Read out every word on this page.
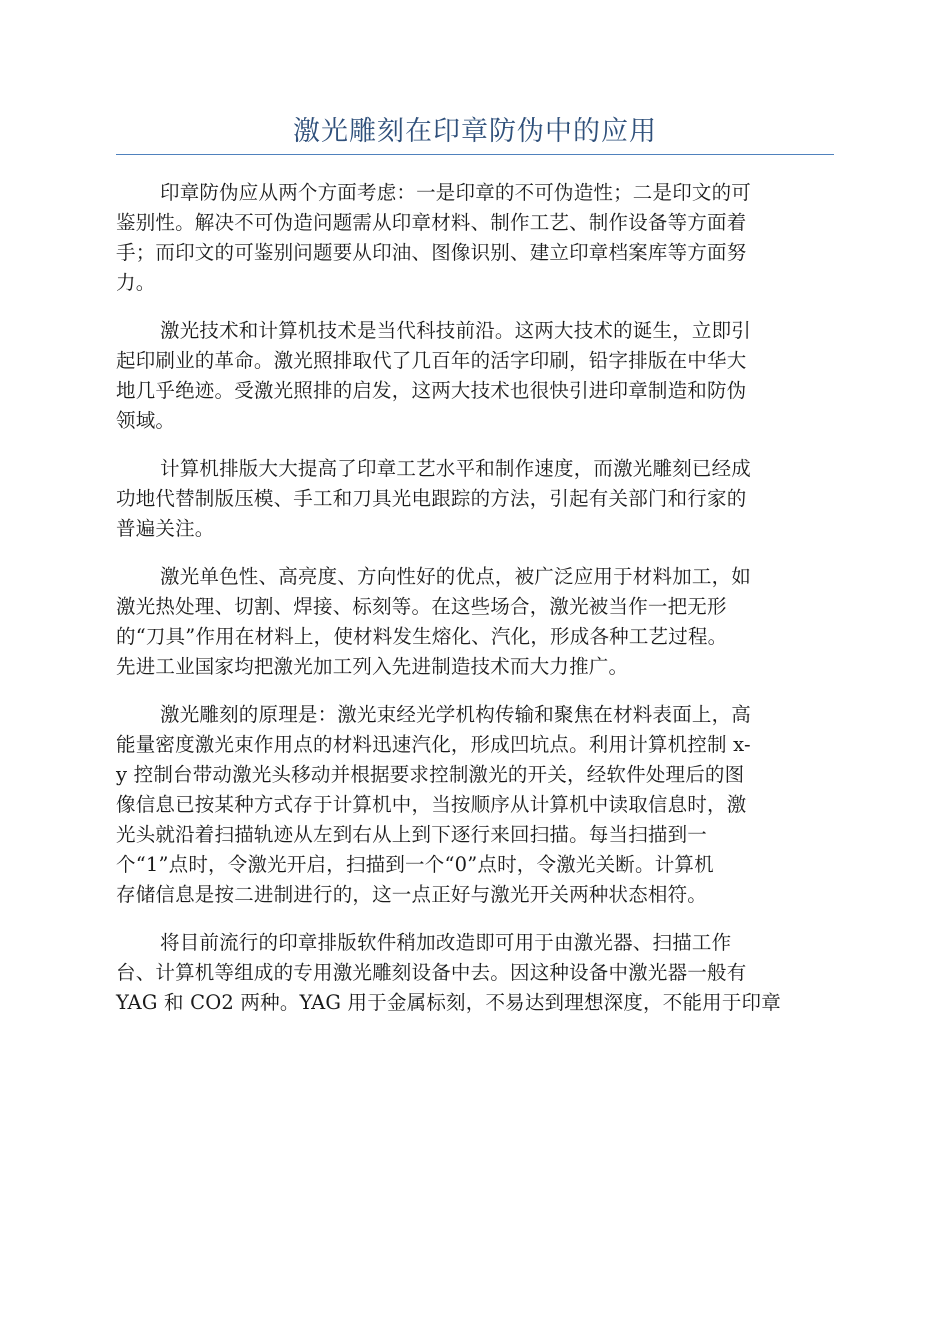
激光雕刻在印章防伪中的应用
印章防伪应从两个方面考虑：一是印章的不可伪造性；二是印文的可
鉴别性。解决不可伪造问题需从印章材料、制作工艺、制作设备等方面着
手；而印文的可鉴别问题要从印油、图像识别、建立印章档案库等方面努
力。
激光技术和计算机技术是当代科技前沿。这两大技术的诞生，立即引
起印刷业的革命。激光照排取代了几百年的活字印刷，铅字排版在中华大
地几乎绝迹。受激光照排的启发，这两大技术也很快引进印章制造和防伪
领域。
计算机排版大大提高了印章工艺水平和制作速度，而激光雕刻已经成
功地代替制版压模、手工和刀具光电跟踪的方法，引起有关部门和行家的
普遍关注。
激光单色性、高亮度、方向性好的优点，被广泛应用于材料加工，如
激光热处理、切割、焊接、标刻等。在这些场合，激光被当作一把无形
的“刀具”作用在材料上，使材料发生熔化、汽化，形成各种工艺过程。
先进工业国家均把激光加工列入先进制造技术而大力推广。
激光雕刻的原理是：激光束经光学机构传输和聚焦在材料表面上，高
能量密度激光束作用点的材料迅速汽化，形成凹坑点。利用计算机控制 x-
y 控制台带动激光头移动并根据要求控制激光的开关，经软件处理后的图
像信息已按某种方式存于计算机中，当按顺序从计算机中读取信息时，激
光头就沿着扫描轨迹从左到右从上到下逐行来回扫描。每当扫描到一
个“1”点时，令激光开启，扫描到一个“0”点时，令激光关断。计算机
存储信息是按二进制进行的，这一点正好与激光开关两种状态相符。
将目前流行的印章排版软件稍加改造即可用于由激光器、扫描工作
台、计算机等组成的专用激光雕刻设备中去。因这种设备中激光器一般有
YAG 和 CO2 两种。YAG 用于金属标刻，不易达到理想深度，不能用于印章
